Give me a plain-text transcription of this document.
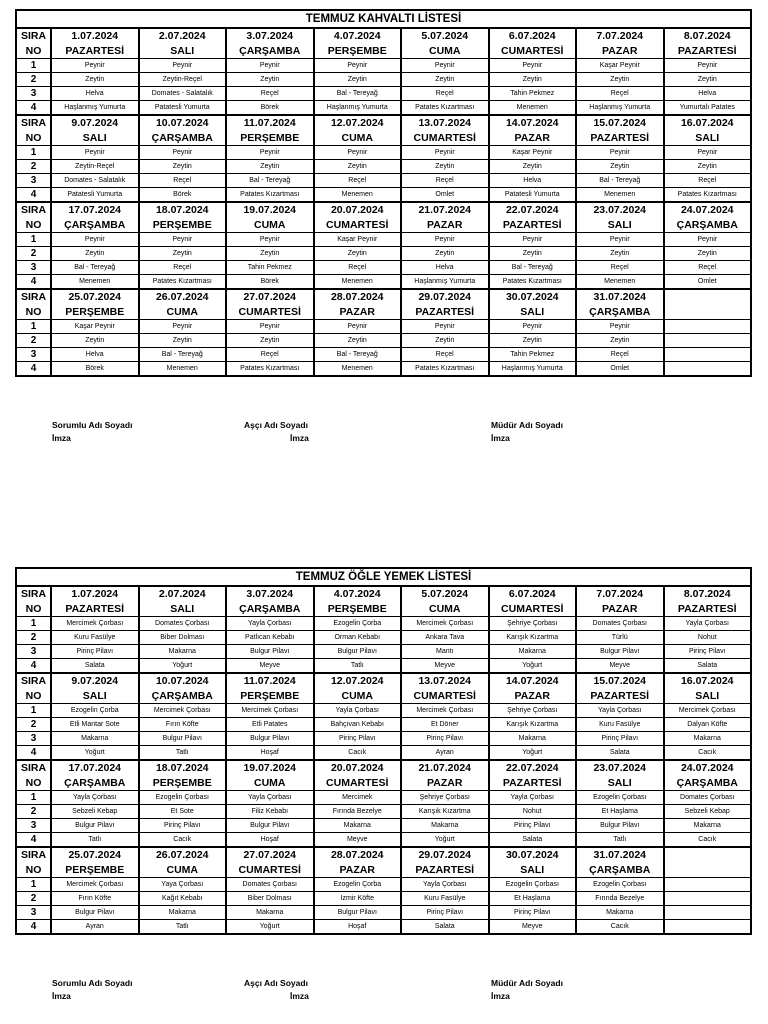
TEMMUZ KAHVALTI LİSTESİ								
SIRA	1.07.2024	2.07.2024	3.07.2024	4.07.2024	5.07.2024	6.07.2024	7.07.2024	8.07.2024
NO	PAZARTESİ	SALI	ÇARŞAMBA	PERŞEMBE	CUMA	CUMARTESİ	PAZAR	PAZARTESİ
1	Peynir	Peynir	Peynir	Peynir	Peynir	Peynir	Kaşar Peynir	Peynir
2	Zeytin	Zeytin-Reçel	Zeytin	Zeytin	Zeytin	Zeytin	Zeytin	Zeytin
3	Helva	Domates - Salatalık	Reçel	Bal - Tereyağ	Reçel	Tahin Pekmez	Reçel	Helva
4	Haşlanmış Yumurta	Patatesli Yumurta	Börek	Haşlanmış Yumurta	Patates Kızartması	Menemen	Haşlanmış Yumurta	Yumurtalı Patates
SIRA	9.07.2024	10.07.2024	11.07.2024	12.07.2024	13.07.2024	14.07.2024	15.07.2024	16.07.2024
NO	SALI	ÇARŞAMBA	PERŞEMBE	CUMA	CUMARTESİ	PAZAR	PAZARTESİ	SALI
1	Peynir	Peynir	Peynir	Peynir	Peynir	Kaşar Peynir	Peynir	Peynir
2	Zeytin-Reçel	Zeytin	Zeytin	Zeytin	Zeytin	Zeytin	Zeytin	Zeytin
3	Domates - Salatalık	Reçel	Bal - Tereyağ	Reçel	Reçel	Helva	Bal - Tereyağ	Reçel
4	Patatesli Yumurta	Börek	Patates Kızartması	Menemen	Omlet	Patatesli Yumurta	Menemen	Patates Kızartması
SIRA	17.07.2024	18.07.2024	19.07.2024	20.07.2024	21.07.2024	22.07.2024	23.07.2024	24.07.2024
NO	ÇARŞAMBA	PERŞEMBE	CUMA	CUMARTESİ	PAZAR	PAZARTESİ	SALI	ÇARŞAMBA
1	Peynir	Peynir	Peynir	Kaşar Peynir	Peynir	Peynir	Peynir	Peynir
2	Zeytin	Zeytin	Zeytin	Zeytin	Zeytin	Zeytin	Zeytin	Zeytin
3	Bal - Tereyağ	Reçel	Tahin Pekmez	Reçel	Helva	Bal - Tereyağ	Reçel	Reçel
4	Menemen	Patates Kızartması	Börek	Menemen	Haşlanmış Yumurta	Patates Kızartması	Menemen	Omlet
SIRA	25.07.2024	26.07.2024	27.07.2024	28.07.2024	29.07.2024	30.07.2024	31.07.2024	
NO	PERŞEMBE	CUMA	CUMARTESİ	PAZAR	PAZARTESİ	SALI	ÇARŞAMBA	
1	Kaşar Peynir	Peynir	Peynir	Peynir	Peynir	Peynir	Peynir	
2	Zeytin	Zeytin	Zeytin	Zeytin	Zeytin	Zeytin	Zeytin	
3	Helva	Bal - Tereyağ	Reçel	Bal - Tereyağ	Reçel	Tahin Pekmez	Reçel	
4	Börek	Menemen	Patates Kızartması	Menemen	Patates Kızartması	Haşlanmış Yumurta	Omlet	
Sorumlu Adı Soyadı
İmza
Aşçı Adı Soyadı
İmza
Müdür Adı Soyadı
İmza
TEMMUZ ÖĞLE YEMEK LİSTESİ								
SIRA	1.07.2024	2.07.2024	3.07.2024	4.07.2024	5.07.2024	6.07.2024	7.07.2024	8.07.2024
NO	PAZARTESİ	SALI	ÇARŞAMBA	PERŞEMBE	CUMA	CUMARTESİ	PAZAR	PAZARTESİ
1	Mercimek Çorbası	Domates Çorbası	Yayla Çorbası	Ezogelin Çorba	Mercimek Çorbası	Şehriye Çorbası	Domates Çorbası	Yayla Çorbası
2	Kuru Fasülye	Biber Dolması	Patlıcan Kebabı	Orman Kebabı	Ankara Tava	Karışık Kızartma	Türlü	Nohut
3	Pirinç Pilavı	Makarna	Bulgur Pilavı	Bulgur Pilavı	Mantı	Makarna	Bulgur Pilavı	Pirinç Pilavı
4	Salata	Yoğurt	Meyve	Tatlı	Meyve	Yoğurt	Meyve	Salata
SIRA	9.07.2024	10.07.2024	11.07.2024	12.07.2024	13.07.2024	14.07.2024	15.07.2024	16.07.2024
NO	SALI	ÇARŞAMBA	PERŞEMBE	CUMA	CUMARTESİ	PAZAR	PAZARTESİ	SALI
1	Ezogelin Çorba	Mercimek Çorbası	Mercimek Çorbası	Yayla Çorbası	Mercimek Çorbası	Şehriye Çorbası	Yayla Çorbası	Mercimek Çorbası
2	Etli Mantar Sote	Fırın Köfte	Etli Patates	Bahçıvan Kebabı	Et Döner	Karışık Kızartma	Kuru Fasülye	Dalyan Köfte
3	Makarna	Bulgur Pilavı	Bulgur Pilavı	Pirinç Pilavı	Pirinç Pilavı	Makarna	Pirinç Pilavı	Makarna
4	Yoğurt	Tatlı	Hoşaf	Cacık	Ayran	Yoğurt	Salata	Cacık
SIRA	17.07.2024	18.07.2024	19.07.2024	20.07.2024	21.07.2024	22.07.2024	23.07.2024	24.07.2024
NO	ÇARŞAMBA	PERŞEMBE	CUMA	CUMARTESİ	PAZAR	PAZARTESİ	SALI	ÇARŞAMBA
1	Yayla Çorbası	Ezogelin Çorbası	Yayla Çorbası	Mercimek	Şehriye Çorbası	Yayla Çorbası	Ezogelin Çorbası	Domates Çorbası
2	Sebzeli Kebap	Et Sote	Filiz Kebabı	Fırında Bezelye	Karışık Kızartma	Nohut	Et Haşlama	Sebzeli Kebap
3	Bulgur Pilavı	Pirinç Pilavı	Bulgur Pilavı	Makarna	Makarna	Pirinç Pilavı	Bulgur Pilavı	Makarna
4	Tatlı	Cacık	Hoşaf	Meyve	Yoğurt	Salata	Tatlı	Cacık
SIRA	25.07.2024	26.07.2024	27.07.2024	28.07.2024	29.07.2024	30.07.2024	31.07.2024	
NO	PERŞEMBE	CUMA	CUMARTESİ	PAZAR	PAZARTESİ	SALI	ÇARŞAMBA	
1	Mercimek Çorbası	Yaya Çorbası	Domates Çorbası	Ezogelin Çorba	Yayla Çorbası	Ezogelin Çorbası	Ezogelin Çorbası	
2	Fırın Köfte	Kağıt Kebabı	Biber Dolması	Izmir Köfte	Kuru Fasülye	Et Haşlama	Fırında Bezelye	
3	Bulgur Pilavı	Makarna	Makarna	Bulgur Pilavı	Pirinç Pilavı	Pirinç Pilavı	Makarna	
4	Ayran	Tatlı	Yoğurt	Hoşaf	Salata	Meyve	Cacık	
Sorumlu Adı Soyadı
İmza
Aşçı Adı Soyadı
İmza
Müdür Adı Soyadı
İmza
